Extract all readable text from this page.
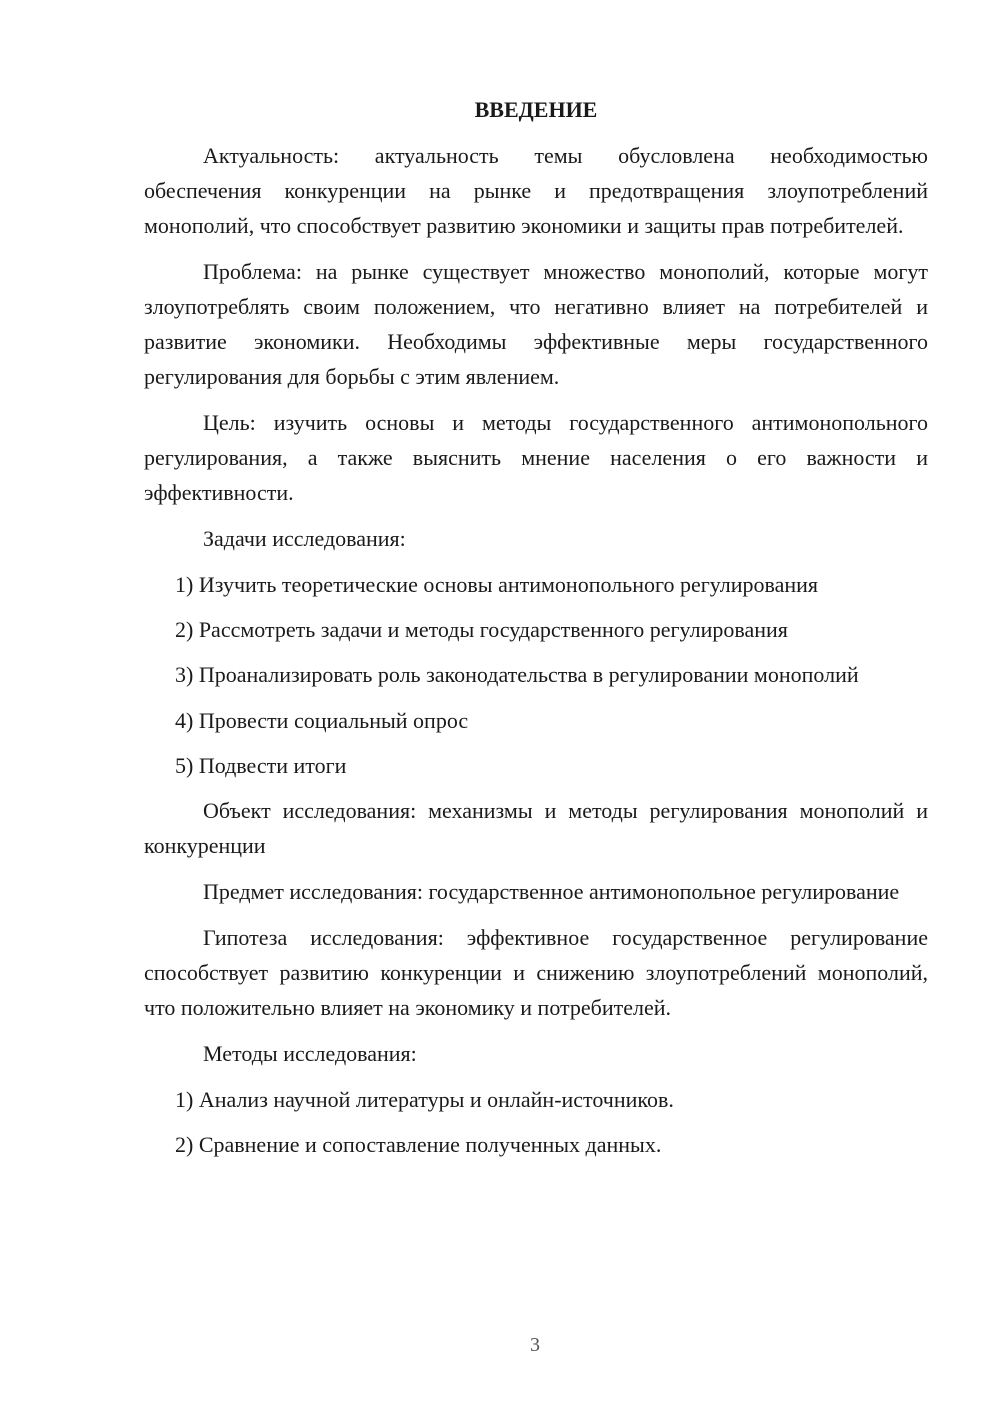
ВВЕДЕНИЕ

Актуальность: актуальность темы обусловлена необходимостью обеспечения конкуренции на рынке и предотвращения злоупотреблений монополий, что способствует развитию экономики и защиты прав потребителей.

Проблема: на рынке существует множество монополий, которые могут злоупотреблять своим положением, что негативно влияет на потребителей и развитие экономики. Необходимы эффективные меры государственного регулирования для борьбы с этим явлением.

Цель: изучить основы и методы государственного антимонопольного регулирования, а также выяснить мнение населения о его важности и эффективности.

Задачи исследования:

1) Изучить теоретические основы антимонопольного регулирования

2) Рассмотреть задачи и методы государственного регулирования

3) Проанализировать роль законодательства в регулировании монополий

4) Провести социальный опрос

5) Подвести итоги

Объект исследования: механизмы и методы регулирования монополий и конкуренции

Предмет исследования: государственное антимонопольное регулирование

Гипотеза исследования: эффективное государственное регулирование способствует развитию конкуренции и снижению злоупотреблений монополий, что положительно влияет на экономику и потребителей.

Методы исследования:

1) Анализ научной литературы и онлайн-источников.

2) Сравнение и сопоставление полученных данных.

3
